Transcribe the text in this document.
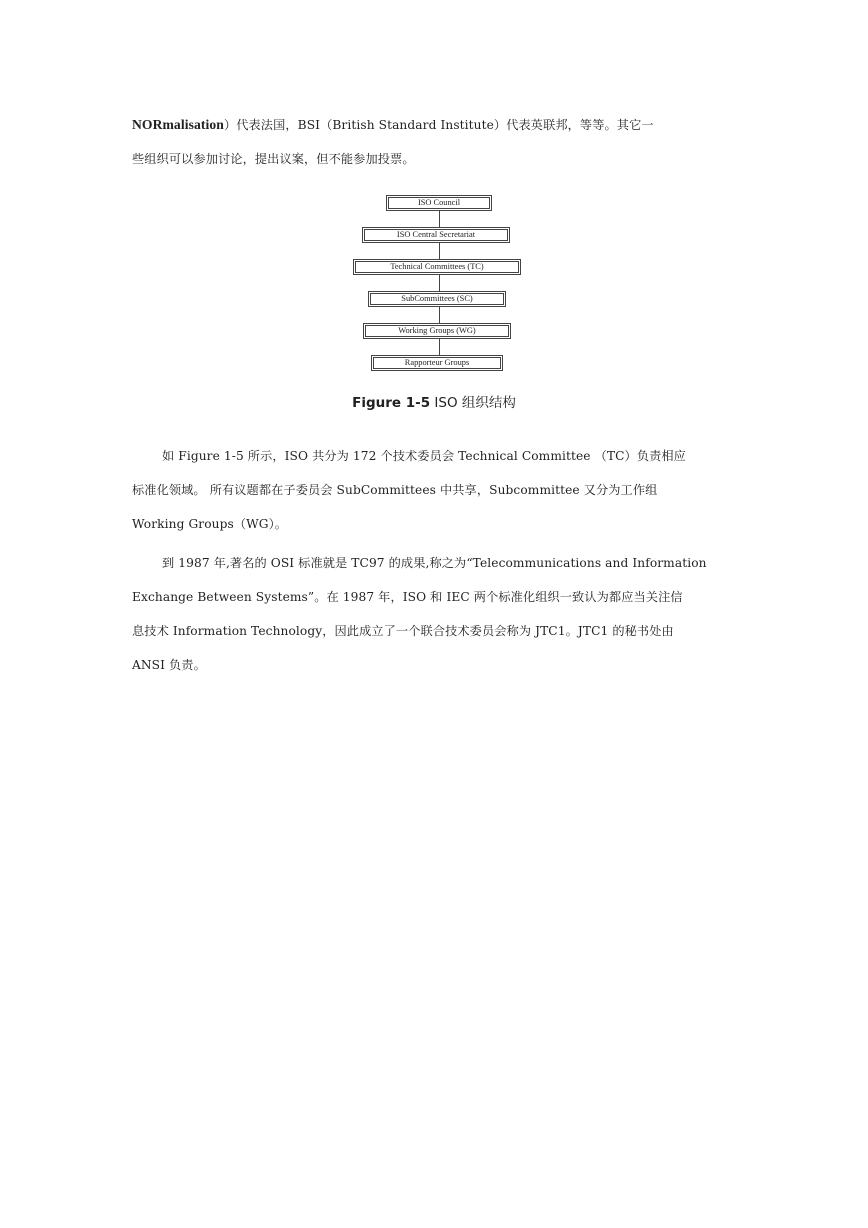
NORmalisation）代表法国，BSI（British Standard Institute）代表英联邦，等等。其它一
些组织可以参加讨论，提出议案，但不能参加投票。

ISO Council
ISO Central Secretariat
Technical Committees (TC)
SubCommittees (SC)
Working Groups (WG)
Rapporteur Groups
Figure 1-5 ISO 组织结构

如 Figure 1-5 所示，ISO 共分为 172 个技术委员会 Technical Committee （TC）负责相应
标准化领域。 所有议题都在子委员会 SubCommittees 中共享，Subcommittee 又分为工作组
Working Groups（WG）。

到 1987 年,著名的 OSI 标准就是 TC97 的成果,称之为“Telecommunications and Information
Exchange Between Systems”。在 1987 年，ISO 和 IEC 两个标准化组织一致认为都应当关注信
息技术 Information Technology，因此成立了一个联合技术委员会称为 JTC1。JTC1 的秘书处由
ANSI 负责。
